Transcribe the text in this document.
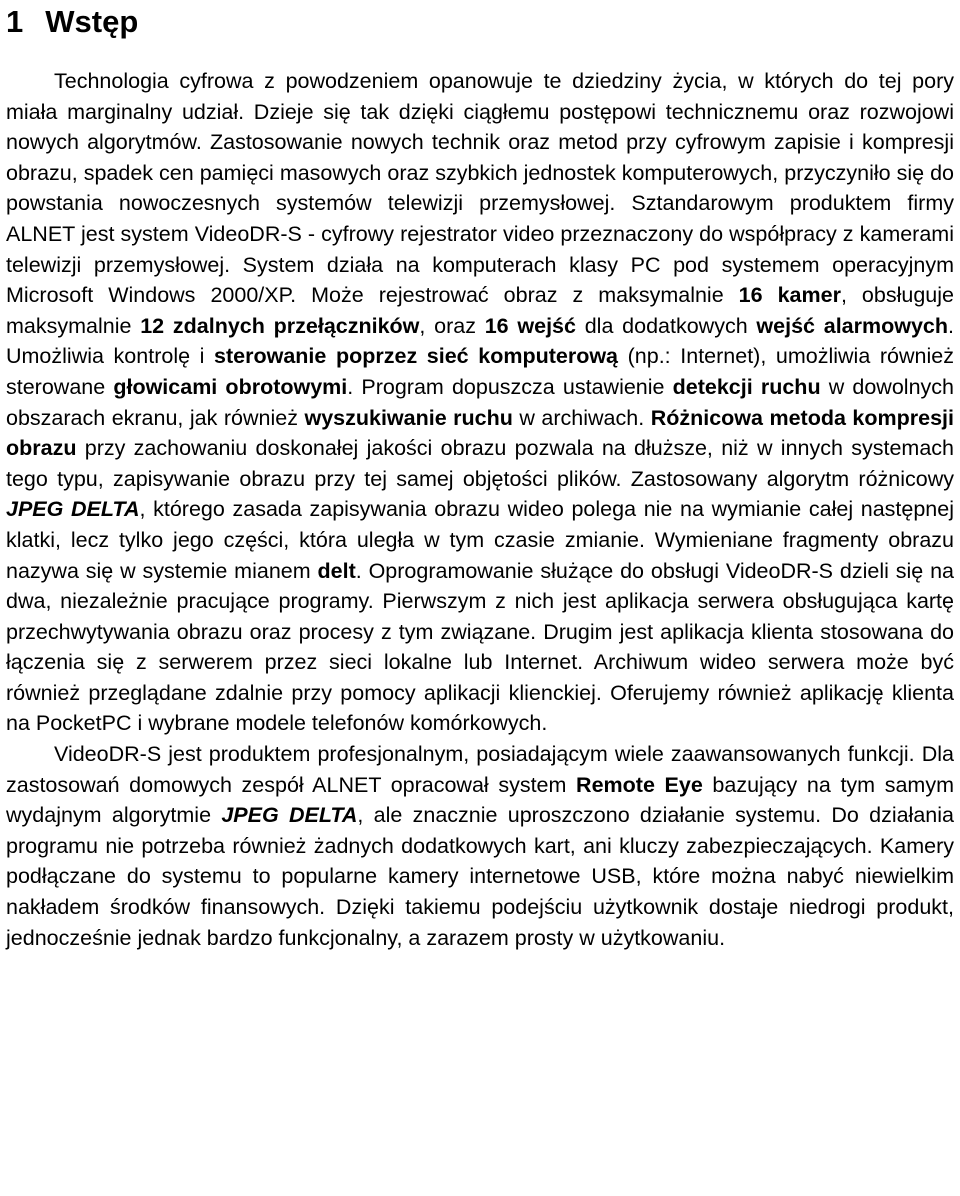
1 Wstęp

Technologia cyfrowa z powodzeniem opanowuje te dziedziny życia, w których do tej pory miała marginalny udział. Dzieje się tak dzięki ciągłemu postępowi technicznemu oraz rozwojowi nowych algorytmów. Zastosowanie nowych technik oraz metod przy cyfrowym zapisie i kompresji obrazu, spadek cen pamięci masowych oraz szybkich jednostek komputerowych, przyczyniło się do powstania nowoczesnych systemów telewizji przemysłowej. Sztandarowym produktem firmy ALNET jest system VideoDR-S - cyfrowy rejestrator video przeznaczony do współpracy z kamerami telewizji przemysłowej. System działa na komputerach klasy PC pod systemem operacyjnym Microsoft Windows 2000/XP. Może rejestrować obraz z maksymalnie 16 kamer, obsługuje maksymalnie 12 zdalnych przełączników, oraz 16 wejść dla dodatkowych wejść alarmowych. Umożliwia kontrolę i sterowanie poprzez sieć komputerową (np.: Internet), umożliwia również sterowane głowicami obrotowymi. Program dopuszcza ustawienie detekcji ruchu w dowolnych obszarach ekranu, jak również wyszukiwanie ruchu w archiwach. Różnicowa metoda kompresji obrazu przy zachowaniu doskonałej jakości obrazu pozwala na dłuższe, niż w innych systemach tego typu, zapisywanie obrazu przy tej samej objętości plików. Zastosowany algorytm różnicowy JPEG DELTA, którego zasada zapisywania obrazu wideo polega nie na wymianie całej następnej klatki, lecz tylko jego części, która uległa w tym czasie zmianie. Wymieniane fragmenty obrazu nazywa się w systemie mianem delt. Oprogramowanie służące do obsługi VideoDR-S dzieli się na dwa, niezależnie pracujące programy. Pierwszym z nich jest aplikacja serwera obsługująca kartę przechwytywania obrazu oraz procesy z tym związane. Drugim jest aplikacja klienta stosowana do łączenia się z serwerem przez sieci lokalne lub Internet. Archiwum wideo serwera może być również przeglądane zdalnie przy pomocy aplikacji klienckiej. Oferujemy również aplikację klienta na PocketPC i wybrane modele telefonów komórkowych.

VideoDR-S jest produktem profesjonalnym, posiadającym wiele zaawansowanych funkcji. Dla zastosowań domowych zespół ALNET opracował system Remote Eye bazujący na tym samym wydajnym algorytmie JPEG DELTA, ale znacznie uproszczono działanie systemu. Do działania programu nie potrzeba również żadnych dodatkowych kart, ani kluczy zabezpieczających. Kamery podłączane do systemu to popularne kamery internetowe USB, które można nabyć niewielkim nakładem środków finansowych. Dzięki takiemu podejściu użytkownik dostaje niedrogi produkt, jednocześnie jednak bardzo funkcjonalny, a zarazem prosty w użytkowaniu.
